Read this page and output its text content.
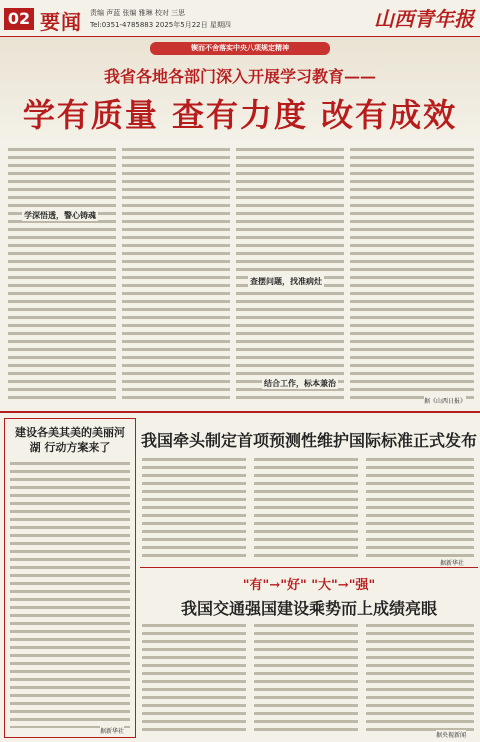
02 要闻 责编 声蓝 张编 雅琳 校对 三思
Tel:0351-4785883 2025年5月22日 星期四	山西青年报
锲而不舍落实中央八项规定精神
我省各地各部门深入开展学习教育——
学有质量 查有力度 改有成效
学深悟透，警心铸魂
查摆问题，找准病灶
结合工作，标本兼治
据《山西日报》
建设各美其美的美丽河湖 行动方案来了
据新华社
我国牵头制定首项预测性维护国际标准正式发布
据新华社
"有"→"好" "大"→"强"
我国交通强国建设乘势而上成绩亮眼
据央视新闻
